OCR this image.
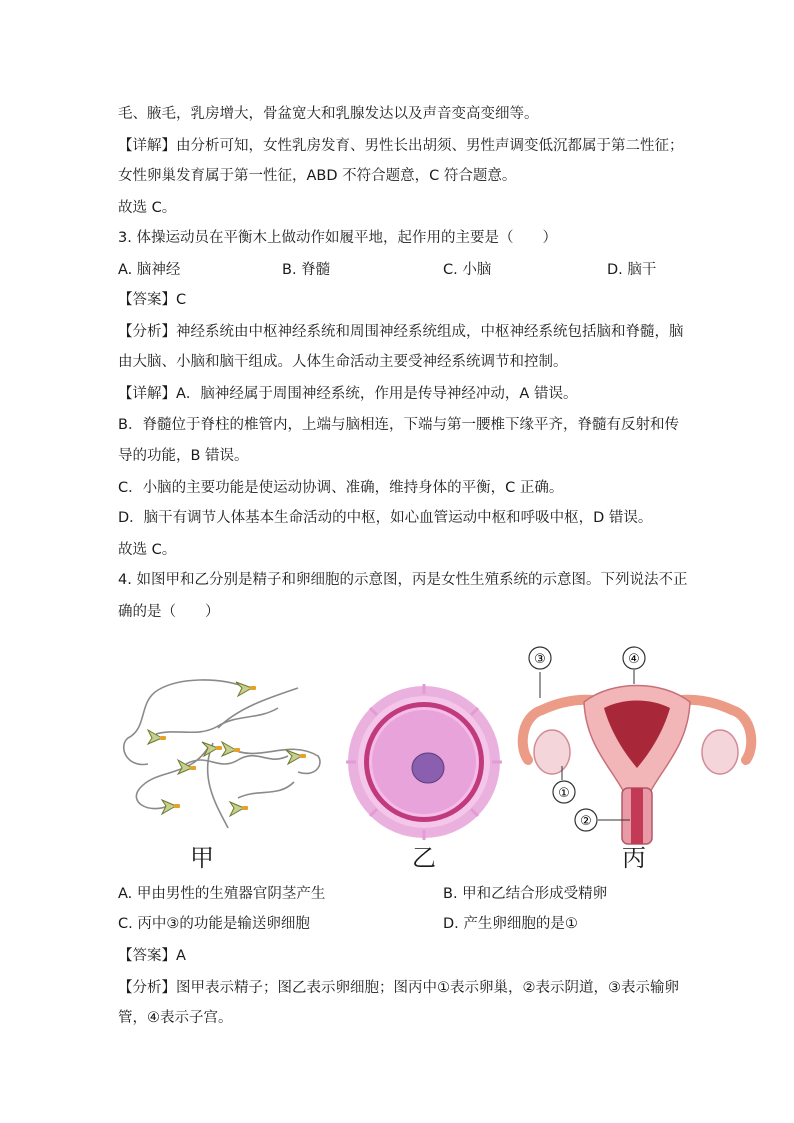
毛、腋毛，乳房增大，骨盆宽大和乳腺发达以及声音变高变细等。
【详解】由分析可知，女性乳房发育、男性长出胡须、男性声调变低沉都属于第二性征；
女性卵巢发育属于第一性征，ABD 不符合题意，C 符合题意。
故选 C。
3. 体操运动员在平衡木上做动作如履平地，起作用的主要是（　　）
A. 脑神经	B. 脊髓	C. 小脑	D. 脑干
【答案】C
【分析】神经系统由中枢神经系统和周围神经系统组成，中枢神经系统包括脑和脊髓，脑
由大脑、小脑和脑干组成。人体生命活动主要受神经系统调节和控制。
【详解】A．脑神经属于周围神经系统，作用是传导神经冲动，A 错误。
B．脊髓位于脊柱的椎管内，上端与脑相连，下端与第一腰椎下缘平齐，脊髓有反射和传
导的功能，B 错误。
C．小脑的主要功能是使运动协调、准确，维持身体的平衡，C 正确。
D．脑干有调节人体基本生命活动的中枢，如心血管运动中枢和呼吸中枢，D 错误。
故选 C。
4. 如图甲和乙分别是精子和卵细胞的示意图，丙是女性生殖系统的示意图。下列说法不正
确的是（　　）
③	④
①
②
甲	乙	丙
A. 甲由男性的生殖器官阴茎产生	B. 甲和乙结合形成受精卵
C. 丙中③的功能是输送卵细胞	D. 产生卵细胞的是①
【答案】A
【分析】图甲表示精子；图乙表示卵细胞；图丙中①表示卵巢，②表示阴道，③表示输卵
管，④表示子宫。
